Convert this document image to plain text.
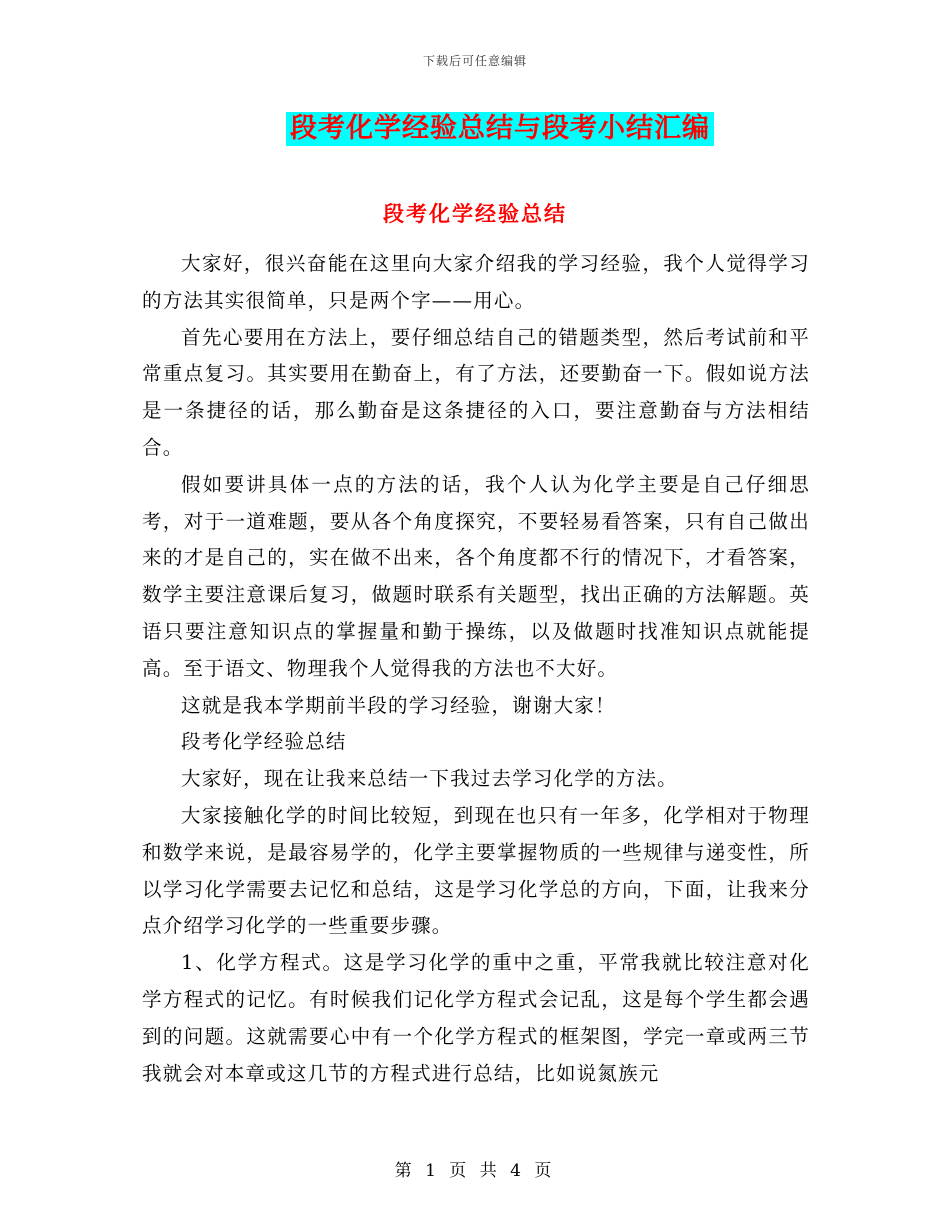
下载后可任意编辑
段考化学经验总结与段考小结汇编
段考化学经验总结

大家好，很兴奋能在这里向大家介绍我的学习经验，我个人觉得学习的方法其实很简单，只是两个字——用心。

首先心要用在方法上，要仔细总结自己的错题类型，然后考试前和平常重点复习。其实要用在勤奋上，有了方法，还要勤奋一下。假如说方法是一条捷径的话，那么勤奋是这条捷径的入口，要注意勤奋与方法相结合。

假如要讲具体一点的方法的话，我个人认为化学主要是自己仔细思考，对于一道难题，要从各个角度探究，不要轻易看答案，只有自己做出来的才是自己的，实在做不出来，各个角度都不行的情况下，才看答案，数学主要注意课后复习，做题时联系有关题型，找出正确的方法解题。英语只要注意知识点的掌握量和勤于操练，以及做题时找准知识点就能提高。至于语文、物理我个人觉得我的方法也不大好。

这就是我本学期前半段的学习经验，谢谢大家！

段考化学经验总结

大家好，现在让我来总结一下我过去学习化学的方法。

大家接触化学的时间比较短，到现在也只有一年多，化学相对于物理和数学来说，是最容易学的，化学主要掌握物质的一些规律与递变性，所以学习化学需要去记忆和总结，这是学习化学总的方向，下面，让我来分点介绍学习化学的一些重要步骤。

1、化学方程式。这是学习化学的重中之重，平常我就比较注意对化学方程式的记忆。有时候我们记化学方程式会记乱，这是每个学生都会遇到的问题。这就需要心中有一个化学方程式的框架图，学完一章或两三节我就会对本章或这几节的方程式进行总结，比如说氮族元

第 1 页 共 4 页
